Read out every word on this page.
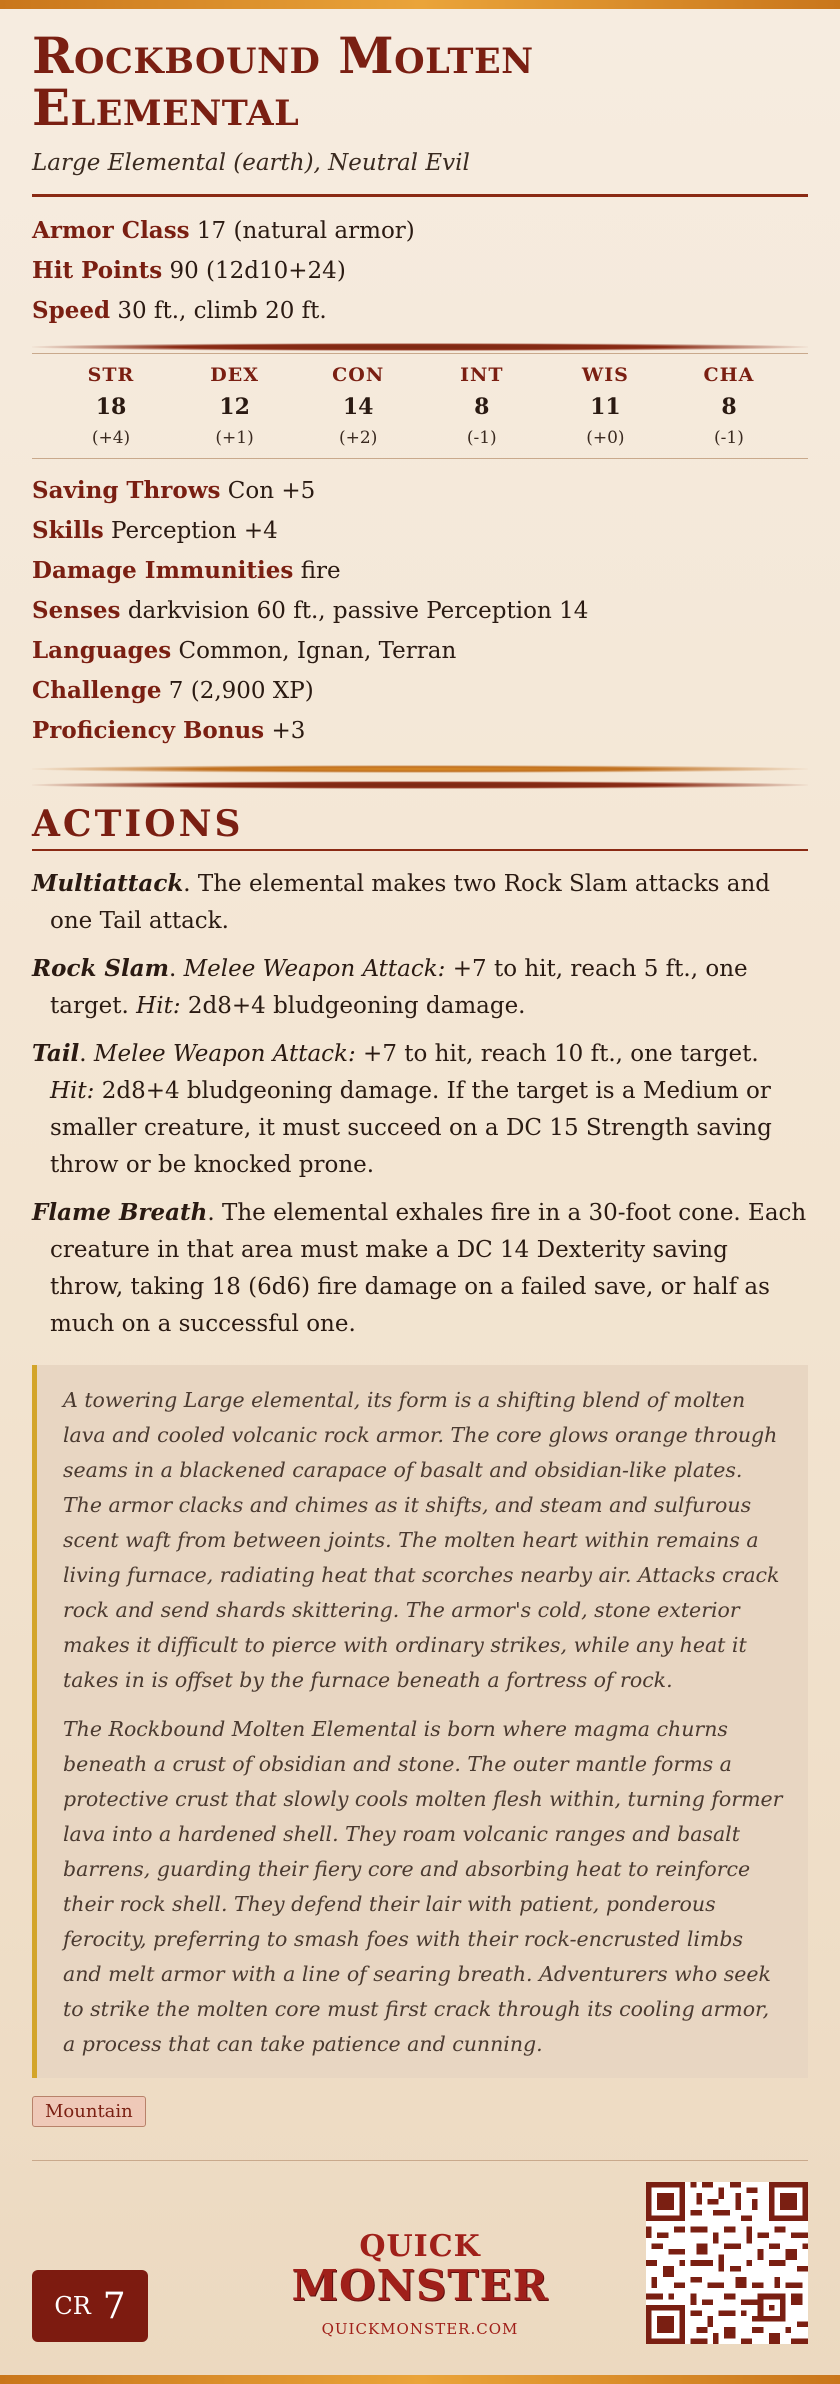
Rockbound Molten Elemental
Large Elemental (earth), Neutral Evil
Armor Class 17 (natural armor)
Hit Points 90 (12d10+24)
Speed 30 ft., climb 20 ft.
STR
18
(+4)
DEX
12
(+1)
CON
14
(+2)
INT
8
(-1)
WIS
11
(+0)
CHA
8
(-1)
Saving Throws Con +5
Skills Perception +4
Damage Immunities fire
Senses darkvision 60 ft., passive Perception 14
Languages Common, Ignan, Terran
Challenge 7 (2,900 XP)
Proficiency Bonus +3
ACTIONS
Multiattack. The elemental makes two Rock Slam attacks and one Tail attack.
Rock Slam. Melee Weapon Attack: +7 to hit, reach 5 ft., one target. Hit: 2d8+4 bludgeoning damage.
Tail. Melee Weapon Attack: +7 to hit, reach 10 ft., one target. Hit: 2d8+4 bludgeoning damage. If the target is a Medium or smaller creature, it must succeed on a DC 15 Strength saving throw or be knocked prone.
Flame Breath. The elemental exhales fire in a 30-foot cone. Each creature in that area must make a DC 14 Dexterity saving throw, taking 18 (6d6) fire damage on a failed save, or half as much on a successful one.

A towering Large elemental, its form is a shifting blend of molten lava and cooled volcanic rock armor. The core glows orange through seams in a blackened carapace of basalt and obsidian-like plates. The armor clacks and chimes as it shifts, and steam and sulfurous scent waft from between joints. The molten heart within remains a living furnace, radiating heat that scorches nearby air. Attacks crack rock and send shards skittering. The armor's cold, stone exterior makes it difficult to pierce with ordinary strikes, while any heat it takes in is offset by the furnace beneath a fortress of rock.

The Rockbound Molten Elemental is born where magma churns beneath a crust of obsidian and stone. The outer mantle forms a protective crust that slowly cools molten flesh within, turning former lava into a hardened shell. They roam volcanic ranges and basalt barrens, guarding their fiery core and absorbing heat to reinforce their rock shell. They defend their lair with patient, ponderous ferocity, preferring to smash foes with their rock-encrusted limbs and melt armor with a line of searing breath. Adventurers who seek to strike the molten core must first crack through its cooling armor, a process that can take patience and cunning.

Mountain
CR 7
QUICK
MONSTER
QUICKMONSTER.COM
